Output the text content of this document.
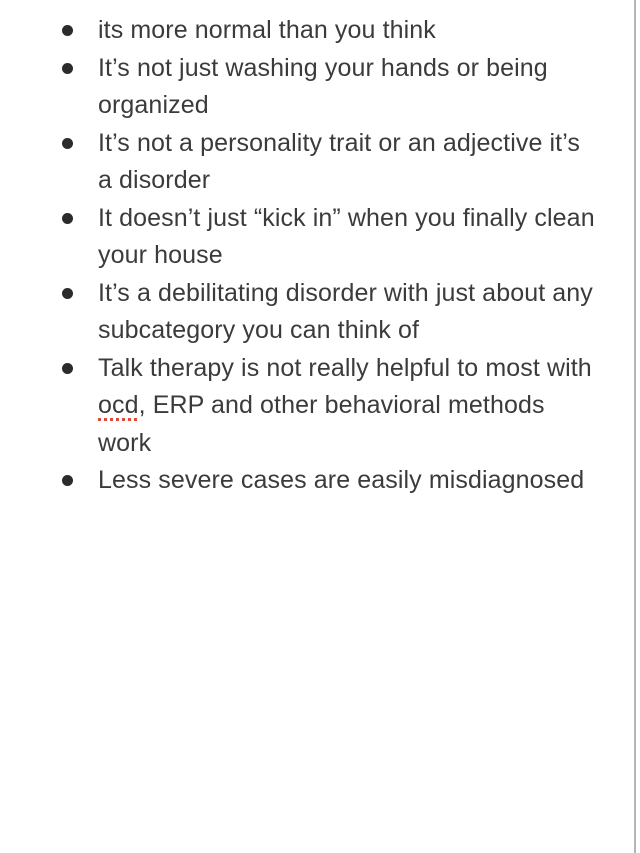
its more normal than you think
It’s not just washing your hands or being organized
It’s not a personality trait or an adjective it’s a disorder
It doesn’t just “kick in” when you finally clean your house
It’s a debilitating disorder with just about any subcategory you can think of
Talk therapy is not really helpful to most with ocd, ERP and other behavioral methods work
Less severe cases are easily misdiagnosed
